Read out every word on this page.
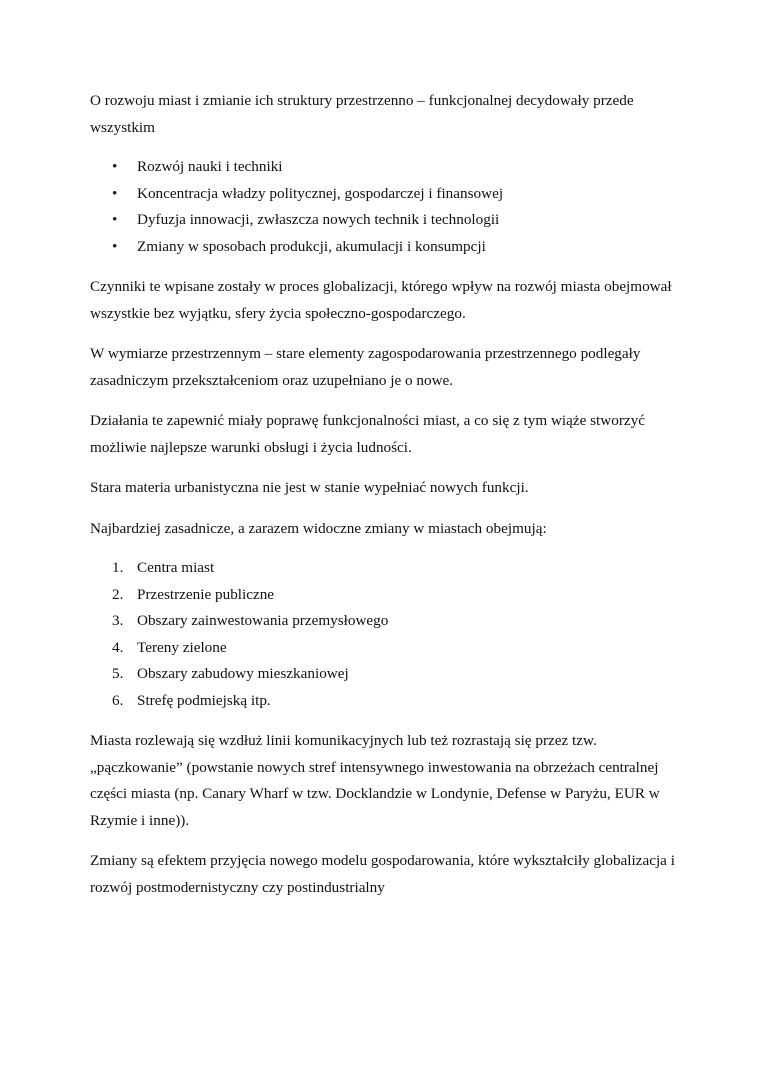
O rozwoju miast i zmianie ich struktury przestrzenno – funkcjonalnej decydowały przede wszystkim

• Rozwój nauki i techniki
• Koncentracja władzy politycznej, gospodarczej i finansowej
• Dyfuzja innowacji, zwłaszcza nowych technik i technologii
• Zmiany w sposobach produkcji, akumulacji i konsumpcji

Czynniki te wpisane zostały w proces globalizacji, którego wpływ na rozwój miasta obejmował wszystkie bez wyjątku, sfery życia społeczno-gospodarczego.

W wymiarze przestrzennym – stare elementy zagospodarowania przestrzennego podlegały zasadniczym przekształceniom oraz uzupełniano je o nowe.

Działania te zapewnić miały poprawę funkcjonalności miast, a co się z tym wiąże stworzyć możliwie najlepsze warunki obsługi i życia ludności.

Stara materia urbanistyczna nie jest w stanie wypełniać nowych funkcji.

Najbardziej zasadnicze, a zarazem widoczne zmiany w miastach obejmują:

1. Centra miast
2. Przestrzenie publiczne
3. Obszary zainwestowania przemysłowego
4. Tereny zielone
5. Obszary zabudowy mieszkaniowej
6. Strefę podmiejską itp.

Miasta rozlewają się wzdłuż linii komunikacyjnych lub też rozrastają się przez tzw. „pączkowanie” (powstanie nowych stref intensywnego inwestowania na obrzeżach centralnej części miasta (np. Canary Wharf w tzw. Docklandzie w Londynie, Defense w Paryżu, EUR w Rzymie i inne)).

Zmiany są efektem przyjęcia nowego modelu gospodarowania, które wykształciły globalizacja i rozwój postmodernistyczny czy postindustrialny
